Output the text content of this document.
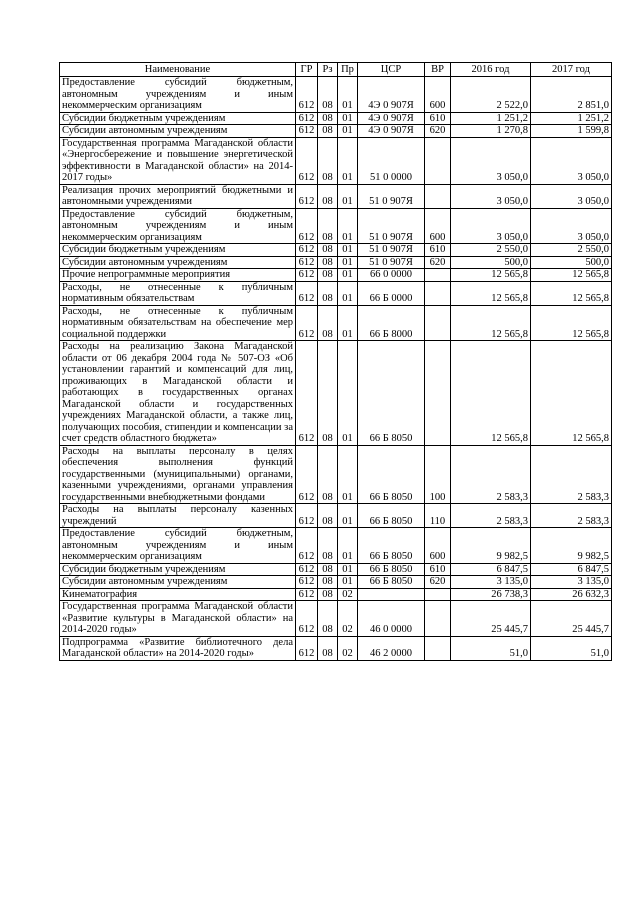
Наименование	ГР	Рз	Пр	ЦСР	ВР	2016 год	2017 год
Предоставление субсидий бюджетным, автономным учреждениям и иным некоммерческим организациям	612	08	01	4Э 0 907Я	600	2 522,0	2 851,0
Субсидии бюджетным учреждениям	612	08	01	4Э 0 907Я	610	1 251,2	1 251,2
Субсидии автономным учреждениям	612	08	01	4Э 0 907Я	620	1 270,8	1 599,8
Государственная программа Магаданской области «Энергосбережение и повышение энергетической эффективности в Магаданской области» на 2014-2017 годы»	612	08	01	51 0 0000		3 050,0	3 050,0
Реализация прочих мероприятий бюджетными и автономными учреждениями	612	08	01	51 0 907Я		3 050,0	3 050,0
Предоставление субсидий бюджетным, автономным учреждениям и иным некоммерческим организациям	612	08	01	51 0 907Я	600	3 050,0	3 050,0
Субсидии бюджетным учреждениям	612	08	01	51 0 907Я	610	2 550,0	2 550,0
Субсидии автономным учреждениям	612	08	01	51 0 907Я	620	500,0	500,0
Прочие непрограммные мероприятия	612	08	01	66 0 0000		12 565,8	12 565,8
Расходы, не отнесенные к публичным нормативным обязательствам	612	08	01	66 Б 0000		12 565,8	12 565,8
Расходы, не отнесенные к публичным нормативным обязательствам на обеспечение мер социальной поддержки	612	08	01	66 Б 8000		12 565,8	12 565,8
Расходы на реализацию Закона Магаданской области от 06 декабря 2004 года № 507-ОЗ «Об установлении гарантий и компенсаций для лиц, проживающих в Магаданской области и работающих в государственных органах Магаданской области и государственных учреждениях Магаданской области, а также лиц, получающих пособия, стипендии и компенсации за счет средств областного бюджета»	612	08	01	66 Б 8050		12 565,8	12 565,8
Расходы на выплаты персоналу в целях обеспечения выполнения функций государственными (муниципальными) органами, казенными учреждениями, органами управления государственными внебюджетными фондами	612	08	01	66 Б 8050	100	2 583,3	2 583,3
Расходы на выплаты персоналу казенных учреждений	612	08	01	66 Б 8050	110	2 583,3	2 583,3
Предоставление субсидий бюджетным, автономным учреждениям и иным некоммерческим организациям	612	08	01	66 Б 8050	600	9 982,5	9 982,5
Субсидии бюджетным учреждениям	612	08	01	66 Б 8050	610	6 847,5	6 847,5
Субсидии автономным учреждениям	612	08	01	66 Б 8050	620	3 135,0	3 135,0
Кинематография	612	08	02			26 738,3	26 632,3
Государственная программа Магаданской области «Развитие культуры в Магаданской области» на 2014-2020 годы»	612	08	02	46 0 0000		25 445,7	25 445,7
Подпрограмма «Развитие библиотечного дела Магаданской области» на 2014-2020 годы»	612	08	02	46 2 0000		51,0	51,0
